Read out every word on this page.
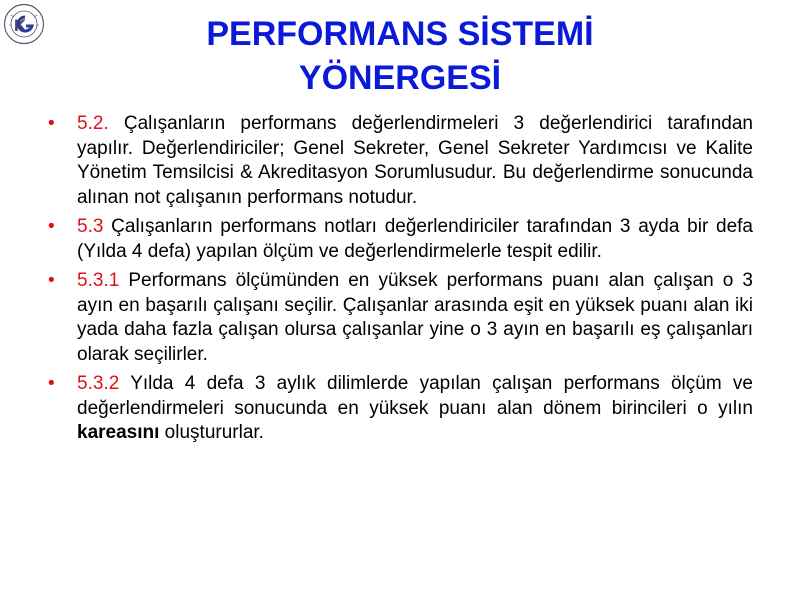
K	PERFORMANS SİSTEMİ
YÖNERGESİ
• 5.2. Çalışanların performans değerlendirmeleri 3 değerlendirici tarafından yapılır. Değerlendiriciler; Genel Sekreter, Genel Sekreter Yardımcısı ve Kalite Yönetim Temsilcisi & Akreditasyon Sorumlusudur. Bu değerlendirme sonucunda alınan not çalışanın performans notudur.
• 5.3 Çalışanların performans notları değerlendiriciler tarafından 3 ayda bir defa (Yılda 4 defa) yapılan ölçüm ve değerlendirmelerle tespit edilir.
• 5.3.1 Performans ölçümünden en yüksek performans puanı alan çalışan o 3 ayın en başarılı çalışanı seçilir. Çalışanlar arasında eşit en yüksek puanı alan iki yada daha fazla çalışan olursa çalışanlar yine o 3 ayın en başarılı eş çalışanları olarak seçilirler.
• 5.3.2 Yılda 4 defa 3 aylık dilimlerde yapılan çalışan performans ölçüm ve değerlendirmeleri sonucunda en yüksek puanı alan dönem birincileri o yılın kareasını oluştururlar.
